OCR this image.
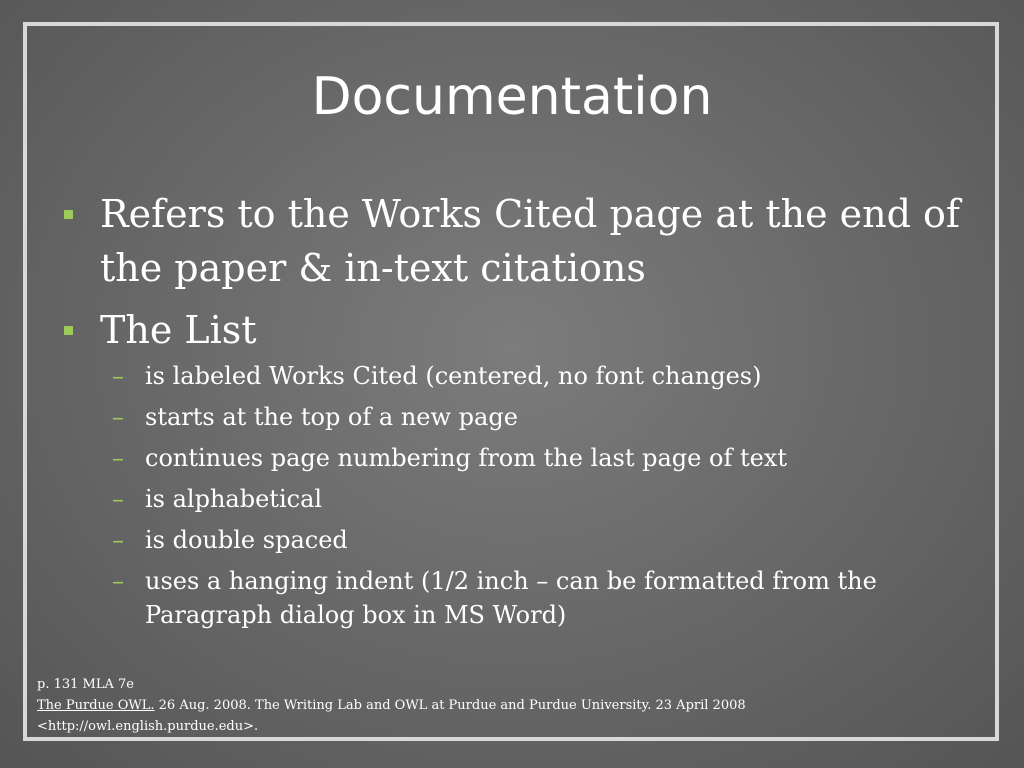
Documentation
Refers to the Works Cited page at the end of the paper & in-text citations
The List
– is labeled Works Cited (centered, no font changes)
– starts at the top of a new page
– continues page numbering from the last page of text
– is alphabetical
– is double spaced
– uses a hanging indent (1/2 inch – can be formatted from the Paragraph dialog box in MS Word)
p. 131 MLA 7e
The Purdue OWL. 26 Aug. 2008. The Writing Lab and OWL at Purdue and Purdue University. 23 April 2008
<http://owl.english.purdue.edu>.
